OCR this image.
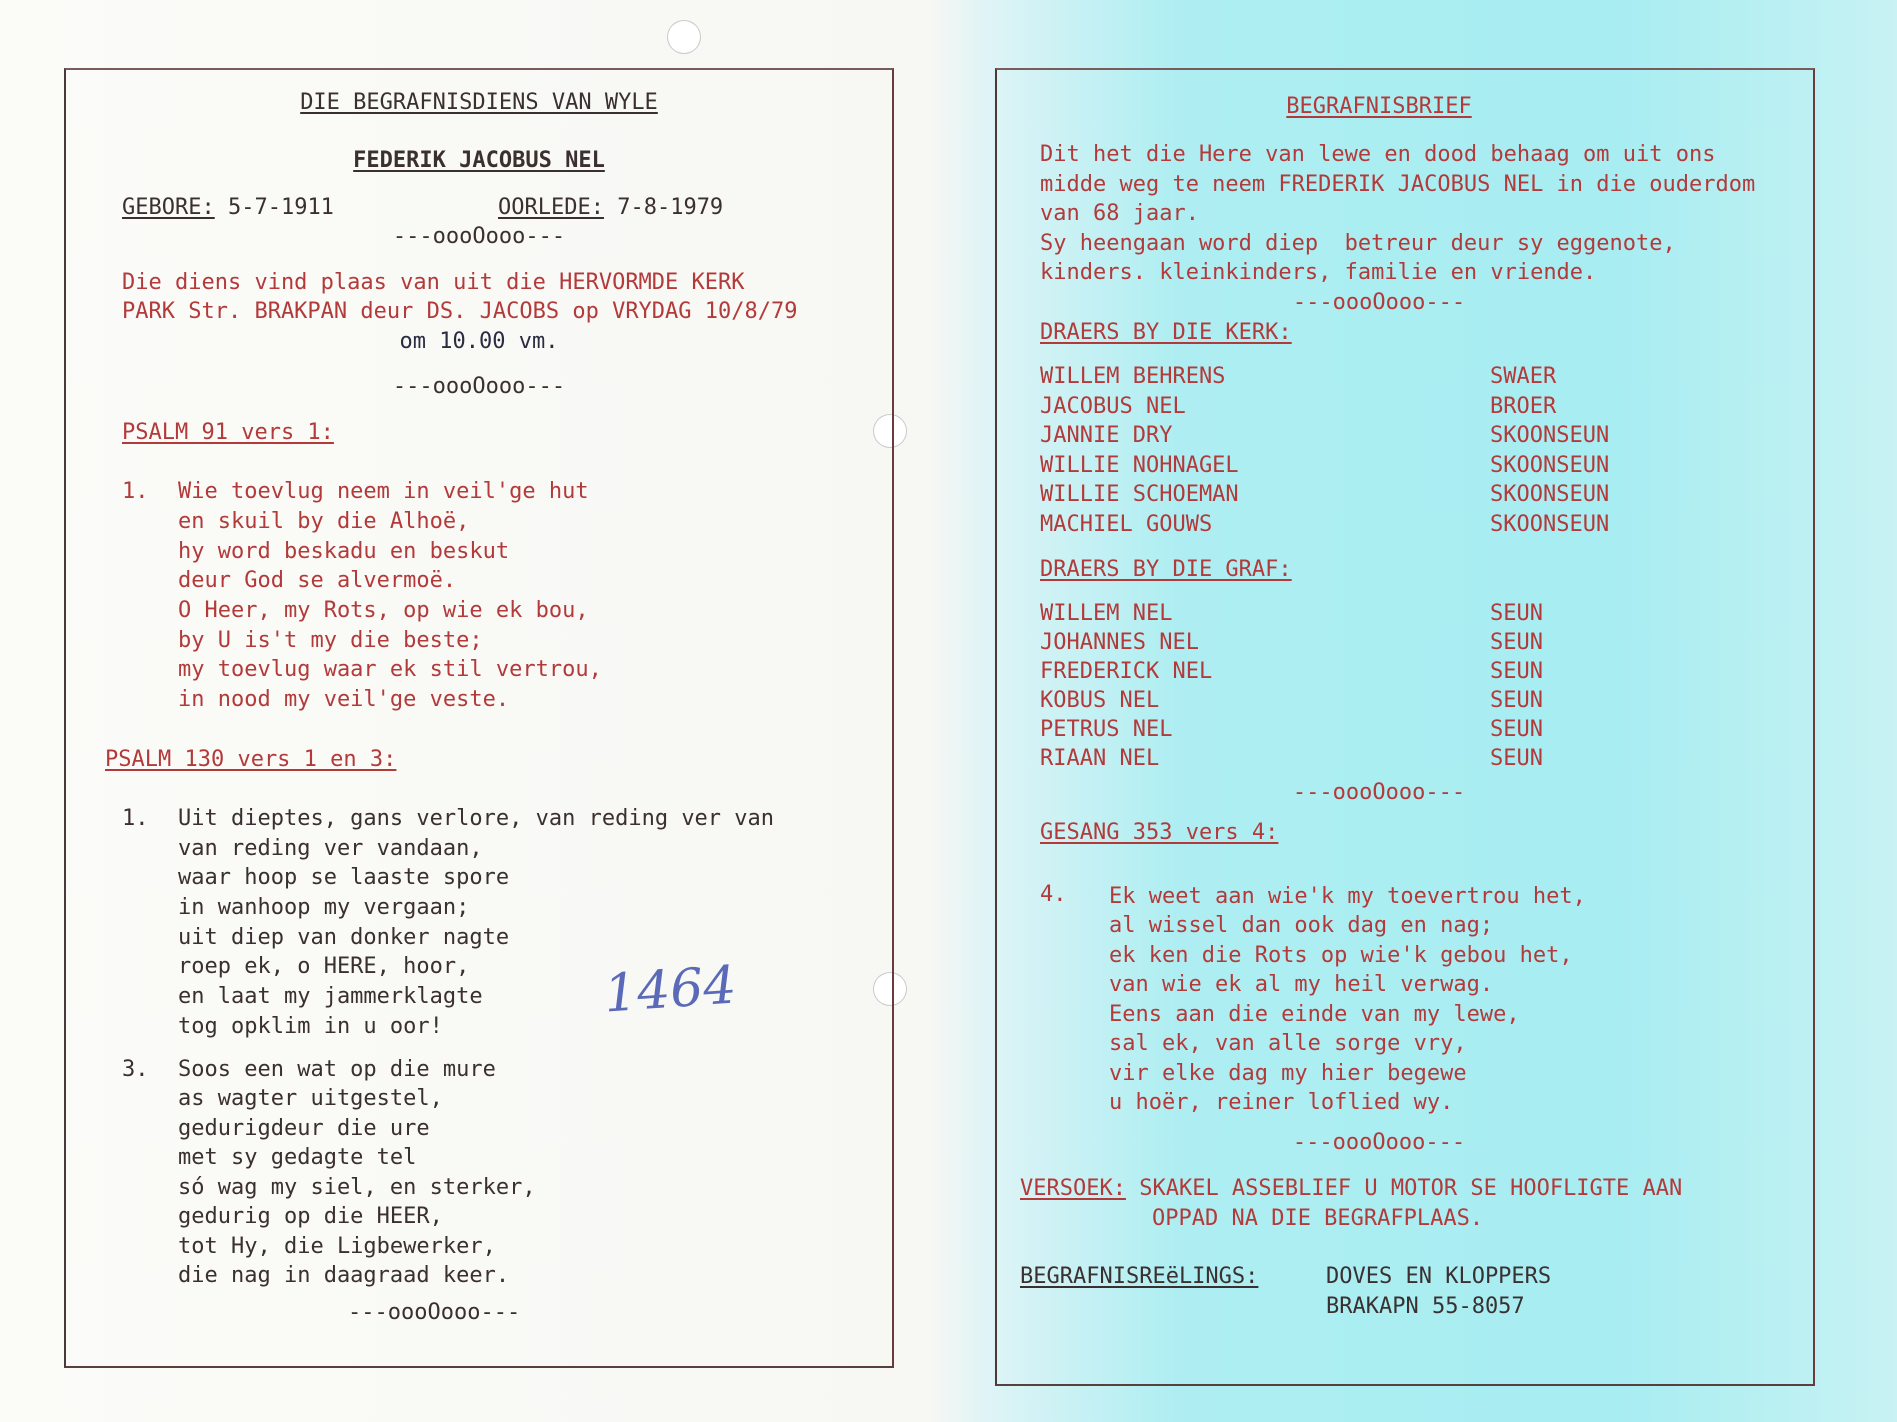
DIE BEGRAFNISDIENS VAN WYLE
FEDERIK JACOBUS NEL
GEBORE: 5-7-1911	OORLEDE: 7-8-1979
---oooOooo---
Die diens vind plaas van uit die HERVORMDE KERK
PARK Str. BRAKPAN deur DS. JACOBS op VRYDAG 10/8/79
om 10.00 vm.
---oooOooo---
PSALM 91 vers 1:
1. Wie toevlug neem in veil'ge hut
en skuil by die Alhoë,
hy word beskadu en beskut
deur God se alvermoë.
O Heer, my Rots, op wie ek bou,
by U is't my die beste;
my toevlug waar ek stil vertrou,
in nood my veil'ge veste.
PSALM 130 vers 1 en 3:
1. Uit dieptes, gans verlore, van reding ver van
van reding ver vandaan,
waar hoop se laaste spore
in wanhoop my vergaan;
uit diep van donker nagte
roep ek, o HERE, hoor,
en laat my jammerklagte
tog opklim in u oor!
1464
3. Soos een wat op die mure
as wagter uitgestel,
gedurigdeur die ure
met sy gedagte tel
só wag my siel, en sterker,
gedurig op die HEER,
tot Hy, die Ligbewerker,
die nag in daagraad keer.
---oooOooo---
BEGRAFNISBRIEF
Dit het die Here van lewe en dood behaag om uit ons
midde weg te neem FREDERIK JACOBUS NEL in die ouderdom
van 68 jaar.
Sy heengaan word diep  betreur deur sy eggenote,
kinders. kleinkinders, familie en vriende.
---oooOooo---
DRAERS BY DIE KERK:
WILLEM BEHRENS	SWAER
JACOBUS NEL	BROER
JANNIE DRY	SKOONSEUN
WILLIE NOHNAGEL	SKOONSEUN
WILLIE SCHOEMAN	SKOONSEUN
MACHIEL GOUWS	SKOONSEUN
DRAERS BY DIE GRAF:
WILLEM NEL	SEUN
JOHANNES NEL	SEUN
FREDERICK NEL	SEUN
KOBUS NEL	SEUN
PETRUS NEL	SEUN
RIAAN NEL	SEUN
---oooOooo---
GESANG 353 vers 4:
4. Ek weet aan wie'k my toevertrou het,
al wissel dan ook dag en nag;
ek ken die Rots op wie'k gebou het,
van wie ek al my heil verwag.
Eens aan die einde van my lewe,
sal ek, van alle sorge vry,
vir elke dag my hier begewe
u hoër, reiner loflied wy.
---oooOooo---
VERSOEK: SKAKEL ASSEBLIEF U MOTOR SE HOOFLIGTE AAN
OPPAD NA DIE BEGRAFPLAAS.
BEGRAFNISREëLINGS:	DOVES EN KLOPPERS
BRAKAPN 55-8057
